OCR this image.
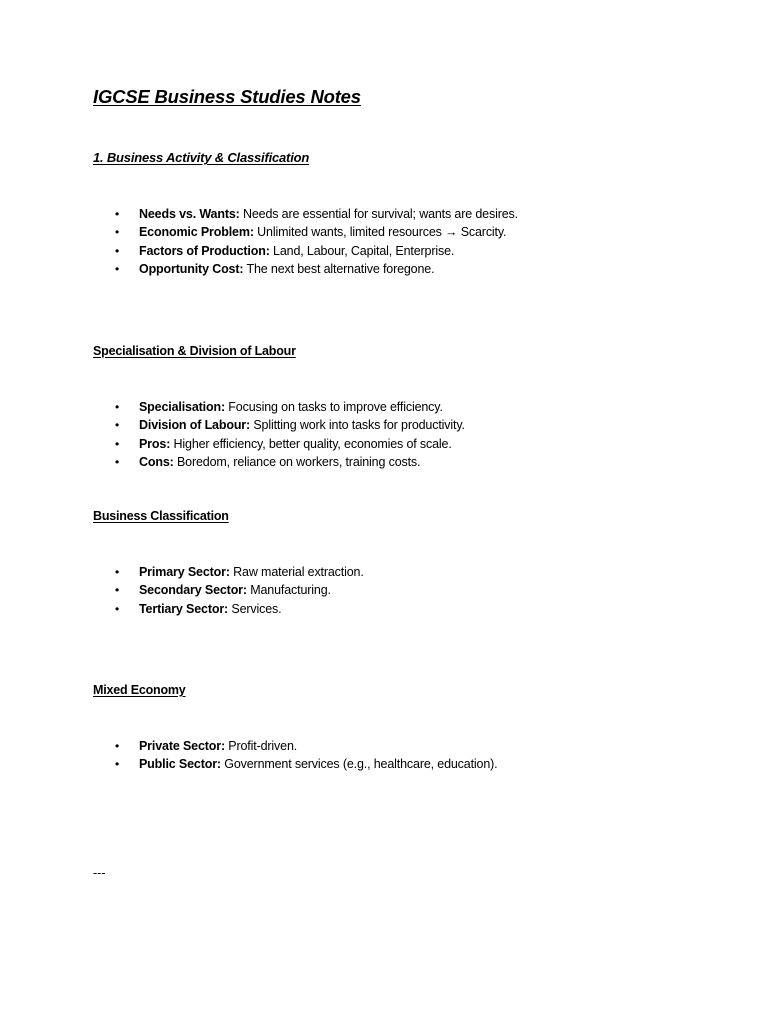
IGCSE Business Studies Notes
1. Business Activity & Classification
• Needs vs. Wants: Needs are essential for survival; wants are desires.
• Economic Problem: Unlimited wants, limited resources → Scarcity.
• Factors of Production: Land, Labour, Capital, Enterprise.
• Opportunity Cost: The next best alternative foregone.
Specialisation & Division of Labour
• Specialisation: Focusing on tasks to improve efficiency.
• Division of Labour: Splitting work into tasks for productivity.
• Pros: Higher efficiency, better quality, economies of scale.
• Cons: Boredom, reliance on workers, training costs.
Business Classification
• Primary Sector: Raw material extraction.
• Secondary Sector: Manufacturing.
• Tertiary Sector: Services.
Mixed Economy
• Private Sector: Profit-driven.
• Public Sector: Government services (e.g., healthcare, education).
---
